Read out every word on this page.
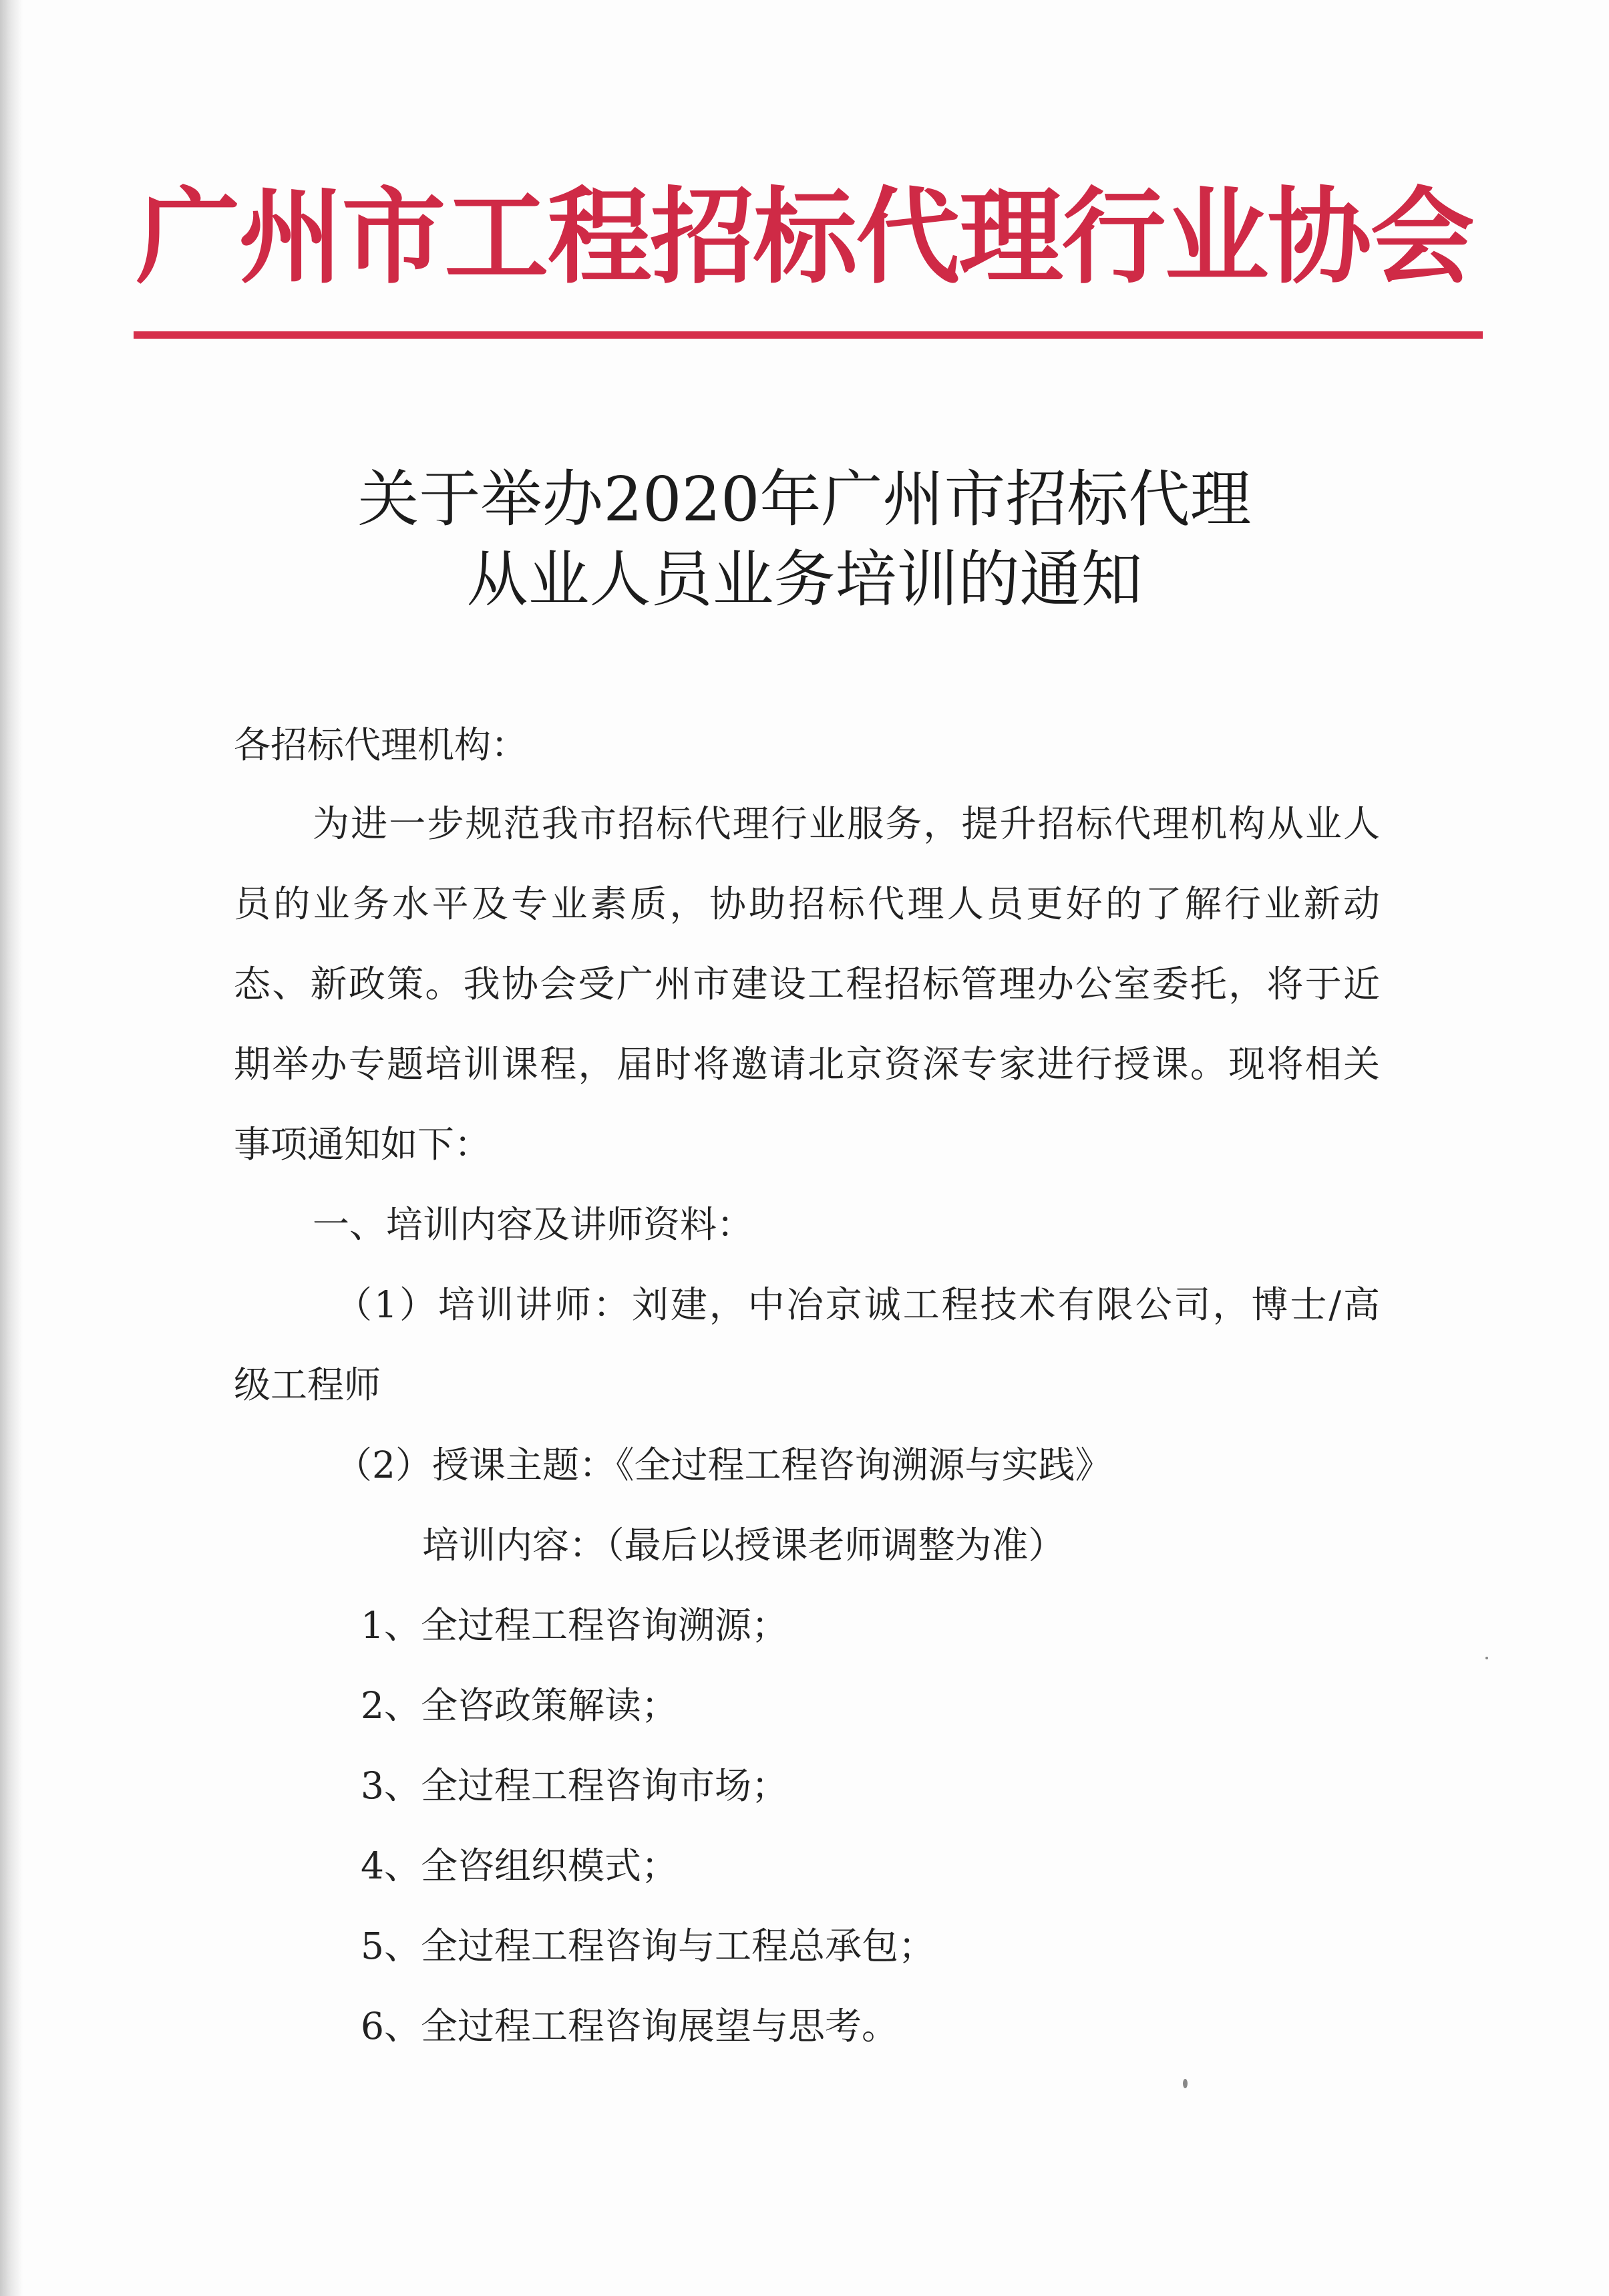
广州市工程招标代理行业协会
关于举办2020年广州市招标代理
从业人员业务培训的通知
各招标代理机构：
为进一步规范我市招标代理行业服务，提升招标代理机构从业人
员的业务水平及专业素质，协助招标代理人员更好的了解行业新动
态、新政策。我协会受广州市建设工程招标管理办公室委托，将于近
期举办专题培训课程，届时将邀请北京资深专家进行授课。现将相关
事项通知如下：
一、培训内容及讲师资料：
（1）培训讲师：刘建，中冶京诚工程技术有限公司，博士/高
级工程师
（2）授课主题：《全过程工程咨询溯源与实践》
培训内容：（最后以授课老师调整为准）
1、全过程工程咨询溯源；
2、全咨政策解读；
3、全过程工程咨询市场；
4、全咨组织模式；
5、全过程工程咨询与工程总承包；
6、全过程工程咨询展望与思考。
